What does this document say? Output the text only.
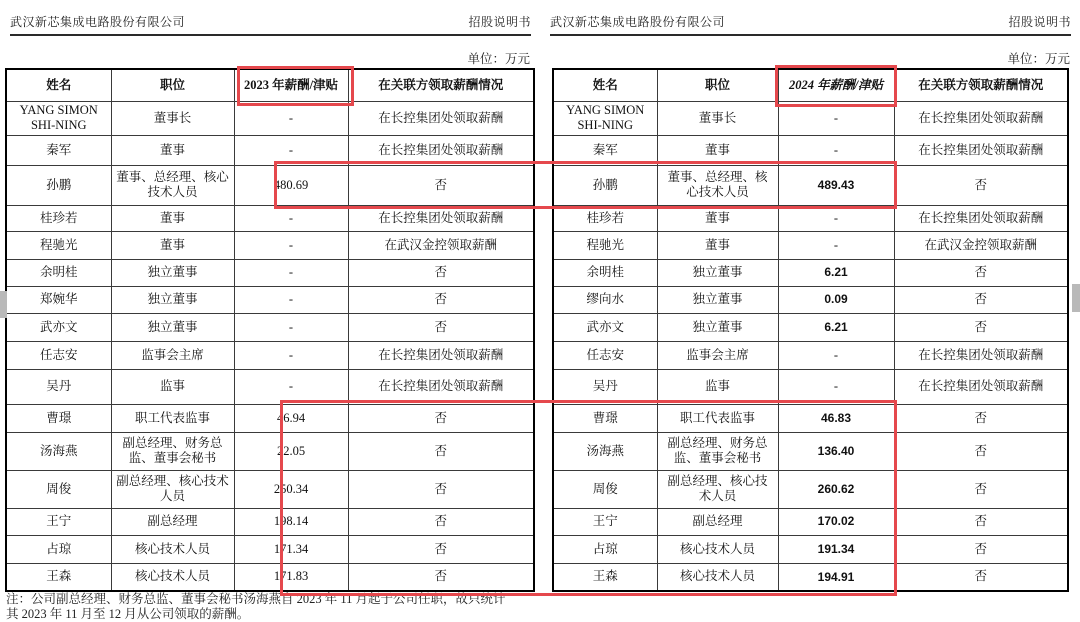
武汉新芯集成电路股份有限公司	招股说明书
单位：万元
姓名	职位	2023 年薪酬/津贴	在关联方领取薪酬情况
YANG SIMON SHI-NING	董事长	-	在长控集团处领取薪酬
秦军	董事	-	在长控集团处领取薪酬
孙鹏	董事、总经理、核心技术人员	480.69	否
桂珍若	董事	-	在长控集团处领取薪酬
程驰光	董事	-	在武汉金控领取薪酬
余明桂	独立董事	-	否
郑婉华	独立董事	-	否
武亦文	独立董事	-	否
任志安	监事会主席	-	在长控集团处领取薪酬
吴丹	监事	-	在长控集团处领取薪酬
曹璟	职工代表监事	46.94	否
汤海燕	副总经理、财务总监、董事会秘书	22.05	否
周俊	副总经理、核心技术人员	250.34	否
王宁	副总经理	198.14	否
占琼	核心技术人员	171.34	否
王森	核心技术人员	171.83	否
注：公司副总经理、财务总监、董事会秘书汤海燕自 2023 年 11 月起于公司任职，故只统计
其 2023 年 11 月至 12 月从公司领取的薪酬。
武汉新芯集成电路股份有限公司	招股说明书
单位：万元
姓名	职位	2024 年薪酬/津贴	在关联方领取薪酬情况
YANG SIMON SHI-NING	董事长	-	在长控集团处领取薪酬
秦军	董事	-	在长控集团处领取薪酬
孙鹏	董事、总经理、核心技术人员	489.43	否
桂珍若	董事	-	在长控集团处领取薪酬
程驰光	董事	-	在武汉金控领取薪酬
余明桂	独立董事	6.21	否
缪向水	独立董事	0.09	否
武亦文	独立董事	6.21	否
任志安	监事会主席	-	在长控集团处领取薪酬
吴丹	监事	-	在长控集团处领取薪酬
曹璟	职工代表监事	46.83	否
汤海燕	副总经理、财务总监、董事会秘书	136.40	否
周俊	副总经理、核心技术人员	260.62	否
王宁	副总经理	170.02	否
占琼	核心技术人员	191.34	否
王森	核心技术人员	194.91	否
